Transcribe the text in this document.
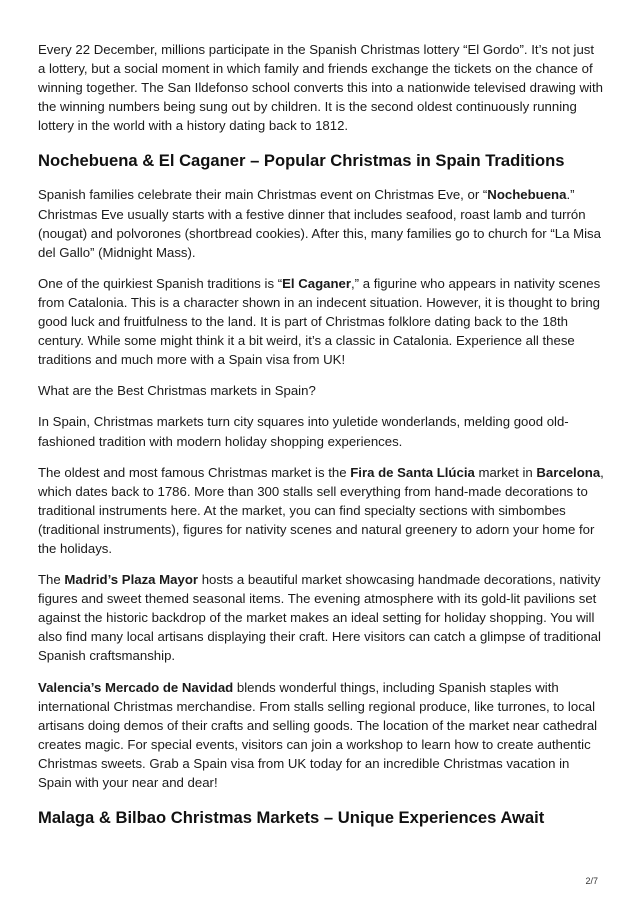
Every 22 December, millions participate in the Spanish Christmas lottery “El Gordo”. It’s not just a lottery, but a social moment in which family and friends exchange the tickets on the chance of winning together. The San Ildefonso school converts this into a nationwide televised drawing with the winning numbers being sung out by children. It is the second oldest continuously running lottery in the world with a history dating back to 1812.

Nochebuena & El Caganer – Popular Christmas in Spain Traditions

Spanish families celebrate their main Christmas event on Christmas Eve, or “Nochebuena.” Christmas Eve usually starts with a festive dinner that includes seafood, roast lamb and turrón (nougat) and polvorones (shortbread cookies). After this, many families go to church for “La Misa del Gallo” (Midnight Mass).

One of the quirkiest Spanish traditions is “El Caganer,” a figurine who appears in nativity scenes from Catalonia. This is a character shown in an indecent situation. However, it is thought to bring good luck and fruitfulness to the land. It is part of Christmas folklore dating back to the 18th century. While some might think it a bit weird, it’s a classic in Catalonia. Experience all these traditions and much more with a Spain visa from UK!

What are the Best Christmas markets in Spain?

In Spain, Christmas markets turn city squares into yuletide wonderlands, melding good old-fashioned tradition with modern holiday shopping experiences.

The oldest and most famous Christmas market is the Fira de Santa Llúcia market in Barcelona, which dates back to 1786. More than 300 stalls sell everything from hand-made decorations to traditional instruments here. At the market, you can find specialty sections with simbombes (traditional instruments), figures for nativity scenes and natural greenery to adorn your home for the holidays.

The Madrid’s Plaza Mayor hosts a beautiful market showcasing handmade decorations, nativity figures and sweet themed seasonal items. The evening atmosphere with its gold-lit pavilions set against the historic backdrop of the market makes an ideal setting for holiday shopping. You will also find many local artisans displaying their craft. Here visitors can catch a glimpse of traditional Spanish craftsmanship.

Valencia’s Mercado de Navidad blends wonderful things, including Spanish staples with international Christmas merchandise. From stalls selling regional produce, like turrones, to local artisans doing demos of their crafts and selling goods. The location of the market near cathedral creates magic. For special events, visitors can join a workshop to learn how to create authentic Christmas sweets. Grab a Spain visa from UK today for an incredible Christmas vacation in Spain with your near and dear!

Malaga & Bilbao Christmas Markets – Unique Experiences Await
2/7
